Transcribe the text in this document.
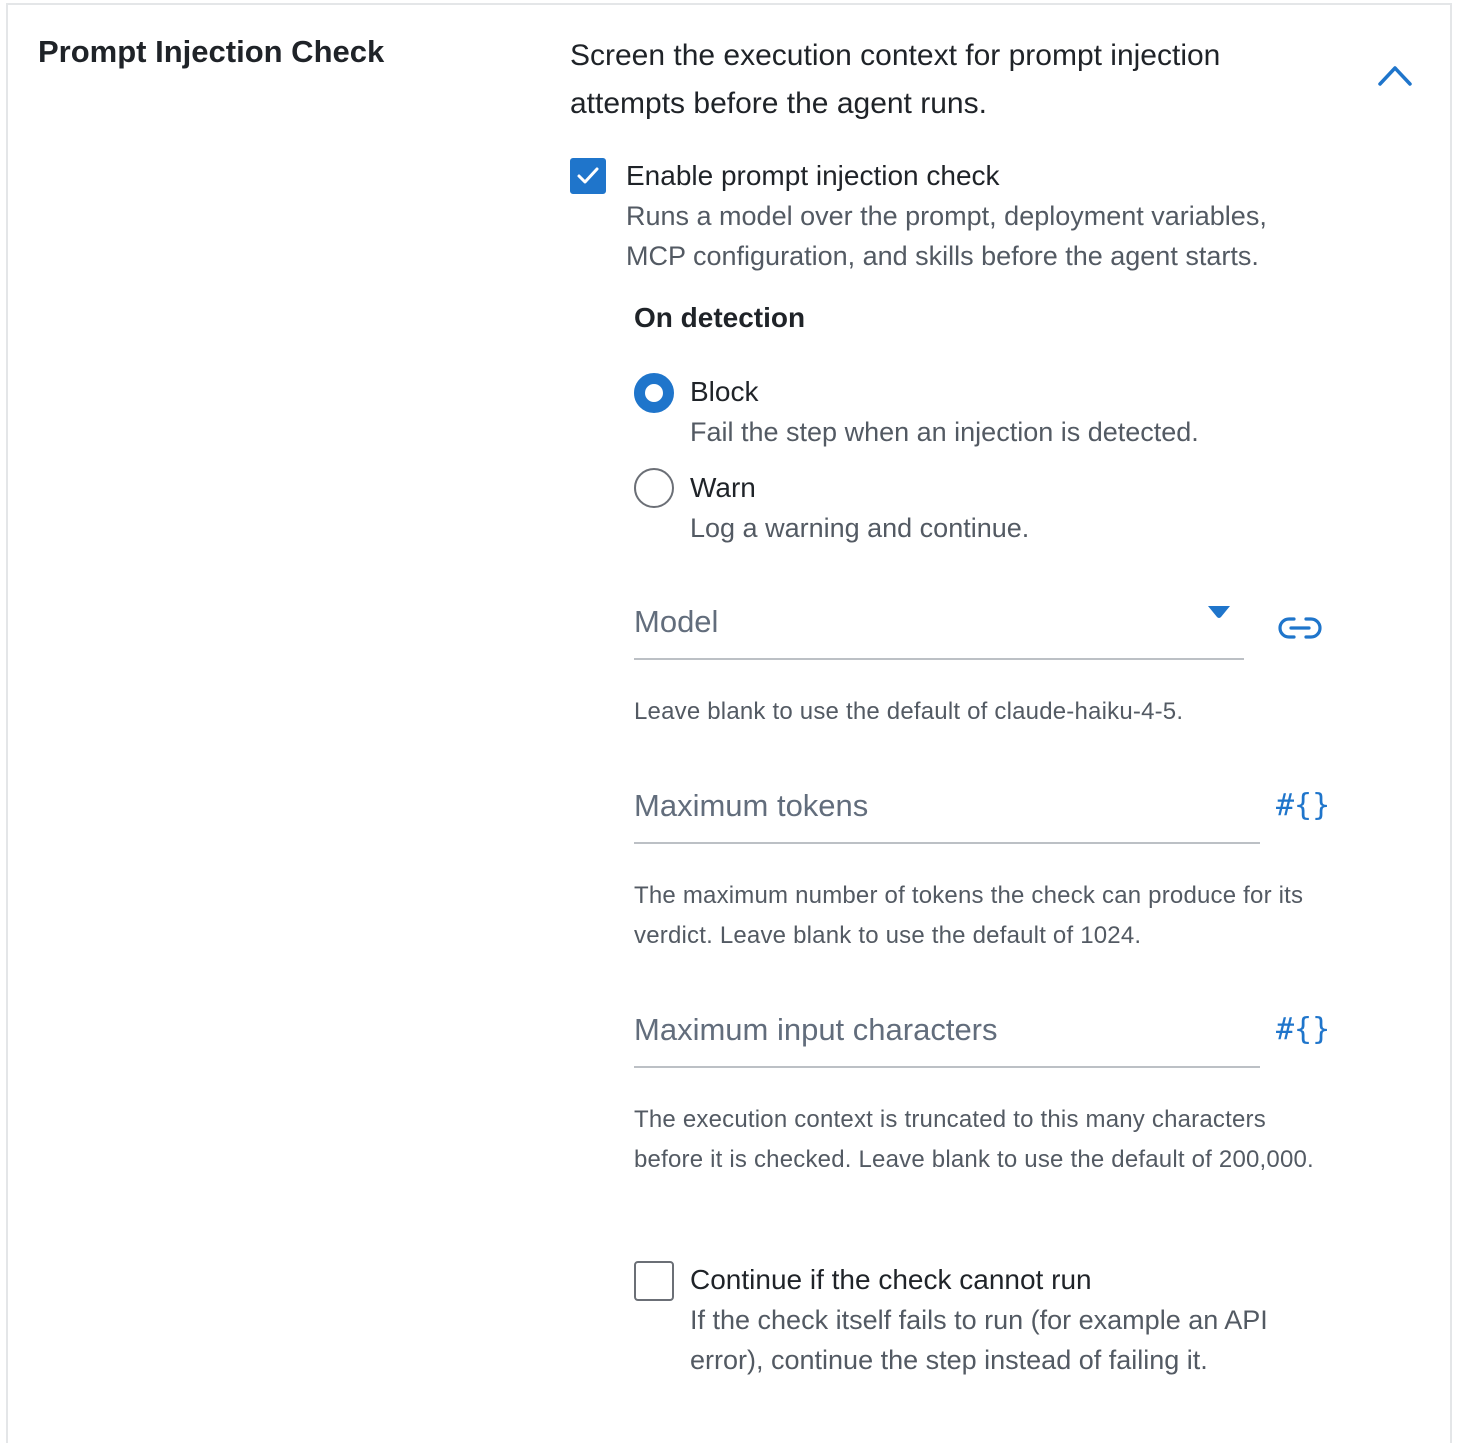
Prompt Injection Check	Screen the execution context for prompt injection attempts before the agent runs.

Enable prompt injection check
Runs a model over the prompt, deployment variables, MCP configuration, and skills before the agent starts.
On detection
Block
Fail the step when an injection is detected.
Warn
Log a warning and continue.
Model
Leave blank to use the default of claude-haiku-4-5.
Maximum tokens	#{}
The maximum number of tokens the check can produce for its verdict. Leave blank to use the default of 1024.
Maximum input characters	#{}
The execution context is truncated to this many characters before it is checked. Leave blank to use the default of 200,000.
Continue if the check cannot run
If the check itself fails to run (for example an API error), continue the step instead of failing it.
